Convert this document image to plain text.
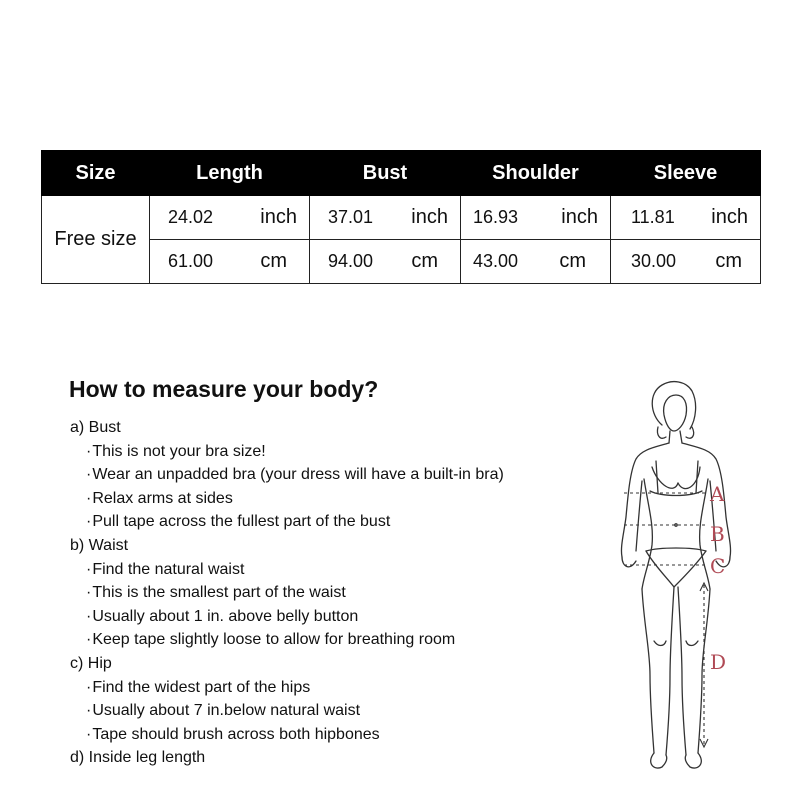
Size	Length	Bust	Shoulder	Sleeve
Free size	24.02 inch	37.01 inch	16.93 inch	11.81 inch

	61.00 cm	94.00 cm	43.00 cm	30.00 cm
How to measure your body?
a) Bust
· This is not your bra size!
· Wear an unpadded bra (your dress will have a built-in bra)
· Relax arms at sides
· Pull tape across the fullest part of the bust
b) Waist
· Find the natural waist
· This is the smallest part of the waist
· Usually about 1 in. above belly button
· Keep tape slightly loose to allow for breathing room
c) Hip
· Find the widest part of the hips
· Usually about 7 in.below natural waist
· Tape should brush across both hipbones
d) Inside leg length
A
B
C
D
